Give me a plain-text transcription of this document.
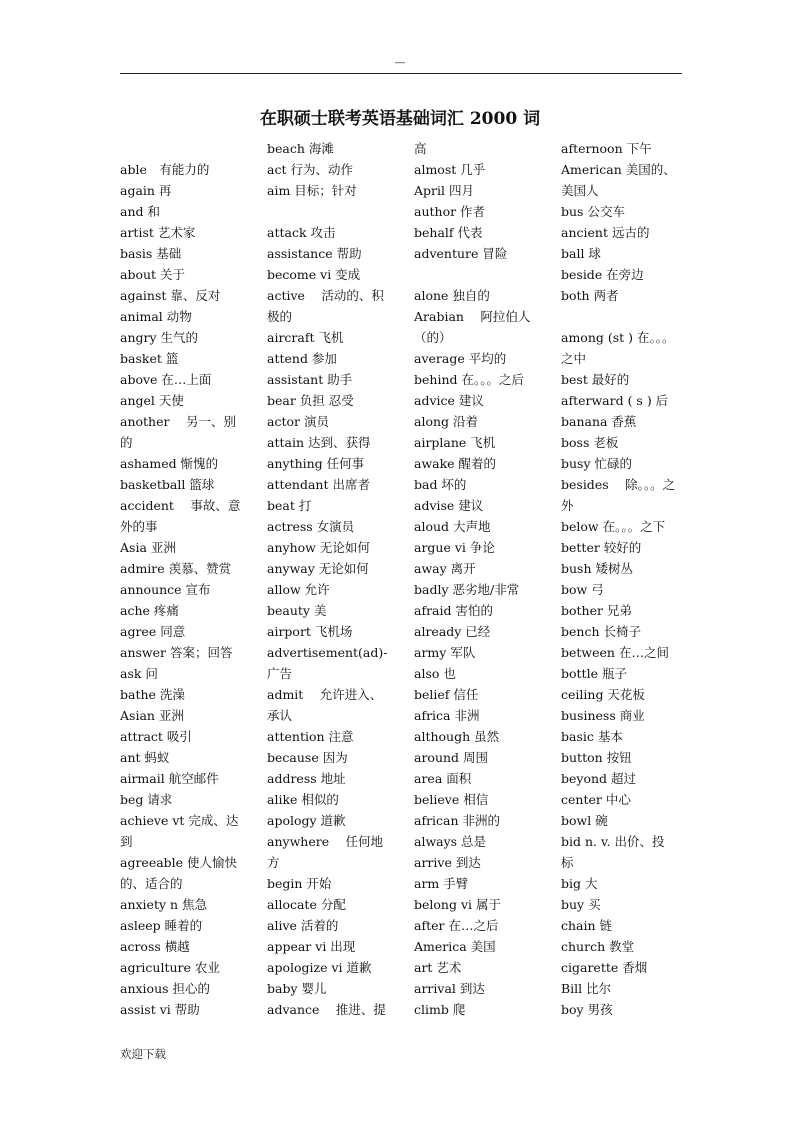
—
在职硕士联考英语基础词汇 2000 词
able　有能力的
again 再
and 和
artist 艺术家
basis 基础
about 关于
against 靠、反对
animal 动物
angry 生气的
basket 篮
above 在…上面
angel 天使
another　 另一、别
的
ashamed 惭愧的
basketball 篮球
accident　 事故、意
外的事
Asia 亚洲
admire 羡慕、赞赏
announce 宣布
ache 疼痛
agree 同意
answer 答案；回答
ask 问
bathe 洗澡
Asian 亚洲
attract 吸引
ant 蚂蚁
airmail 航空邮件
beg 请求
achieve vt 完成、达
到
agreeable 使人愉快
的、适合的
anxiety n 焦急
asleep 睡着的
across 横越
agriculture 农业
anxious 担心的
assist vi 帮助
beach 海滩
act 行为、动作
aim 目标；针对
attack 攻击
assistance 帮助
become vi 变成
active　 活动的、积
极的
aircraft 飞机
attend 参加
assistant 助手
bear 负担 忍受
actor 演员
attain 达到、获得
anything 任何事
attendant 出席者
beat 打
actress 女演员
anyhow 无论如何
anyway 无论如何
allow 允许
beauty 美
airport 飞机场
advertisement(ad)-
广告
admit　 允许进入、
承认
attention 注意
because 因为
address 地址
alike 相似的
apology 道歉
anywhere　 任何地
方
begin 开始
allocate 分配
alive 活着的
appear vi 出现
apologize vi 道歉
baby 婴儿
advance　 推进、提
高
almost 几乎
April 四月
author 作者
behalf 代表
adventure 冒险
alone 独自的
Arabian　 阿拉伯人
（的）
average 平均的
behind 在。。。之后
advice 建议
along 沿着
airplane 飞机
awake 醒着的
bad 坏的
advise 建议
aloud 大声地
argue vi 争论
away 离开
badly 恶劣地/非常
afraid 害怕的
already 已经
army 军队
also 也
belief 信任
africa 非洲
although 虽然
around 周围
area 面积
believe 相信
african 非洲的
always 总是
arrive 到达
arm 手臂
belong vi 属于
after 在…之后
America 美国
art 艺术
arrival 到达
climb 爬
afternoon 下午
American 美国的、
美国人
bus 公交车
ancient 远古的
ball 球
beside 在旁边
both 两者
among (st ) 在。。。
之中
best 最好的
afterward ( s ) 后
banana 香蕉
boss 老板
busy 忙碌的
besides　 除。。。之
外
below 在。。。之下
better 较好的
bush 矮树丛
bow 弓
bother 兄弟
bench 长椅子
between 在…之间
bottle 瓶子
ceiling 天花板
business 商业
basic 基本
button 按钮
beyond 超过
center 中心
bowl 碗
bid n. v. 出价、投
标
big 大
buy 买
chain 链
church 教堂
cigarette 香烟
Bill 比尔
boy 男孩
欢迎下载
